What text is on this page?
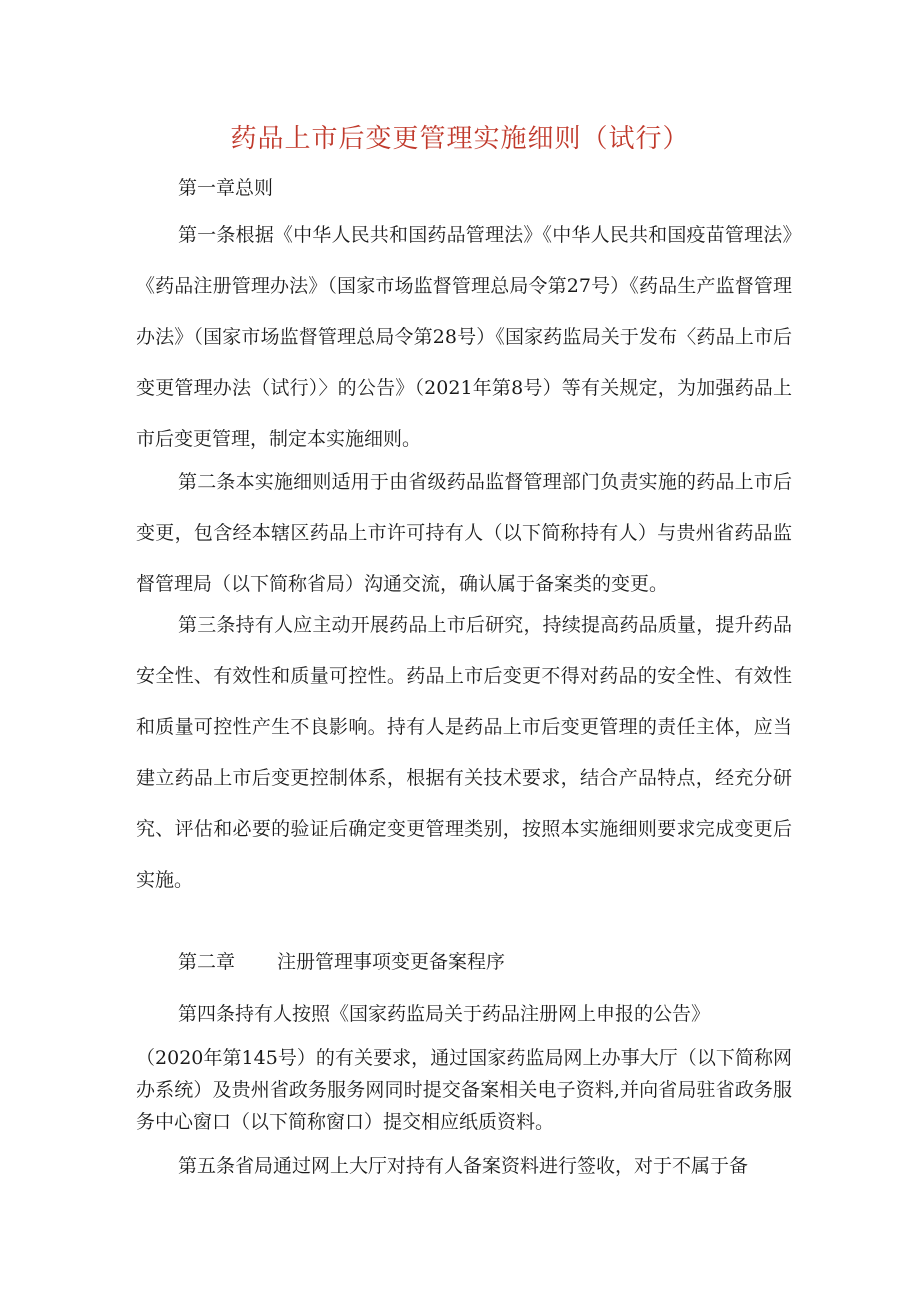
药品上市后变更管理实施细则（试行）

第一章总则

第一条根据《中华人民共和国药品管理法》《中华人民共和国疫苗管理法》《药品注册管理办法》（国家市场监督管理总局令第27号）《药品生产监督管理办法》（国家市场监督管理总局令第28号）《国家药监局关于发布〈药品上市后变更管理办法（试行）〉的公告》（2021年第8号）等有关规定，为加强药品上市后变更管理，制定本实施细则。

第二条本实施细则适用于由省级药品监督管理部门负责实施的药品上市后变更，包含经本辖区药品上市许可持有人（以下简称持有人）与贵州省药品监督管理局（以下简称省局）沟通交流，确认属于备案类的变更。

第三条持有人应主动开展药品上市后研究，持续提高药品质量，提升药品安全性、有效性和质量可控性。药品上市后变更不得对药品的安全性、有效性和质量可控性产生不良影响。持有人是药品上市后变更管理的责任主体，应当建立药品上市后变更控制体系，根据有关技术要求，结合产品特点，经充分研究、评估和必要的验证后确定变更管理类别，按照本实施细则要求完成变更后实施。

第二章 注册管理事项变更备案程序

第四条持有人按照《国家药监局关于药品注册网上申报的公告》

（2020年第145号）的有关要求，通过国家药监局网上办事大厅（以下简称网办系统）及贵州省政务服务网同时提交备案相关电子资料,并向省局驻省政务服务中心窗口（以下简称窗口）提交相应纸质资料。

第五条省局通过网上大厅对持有人备案资料进行签收，对于不属于备
